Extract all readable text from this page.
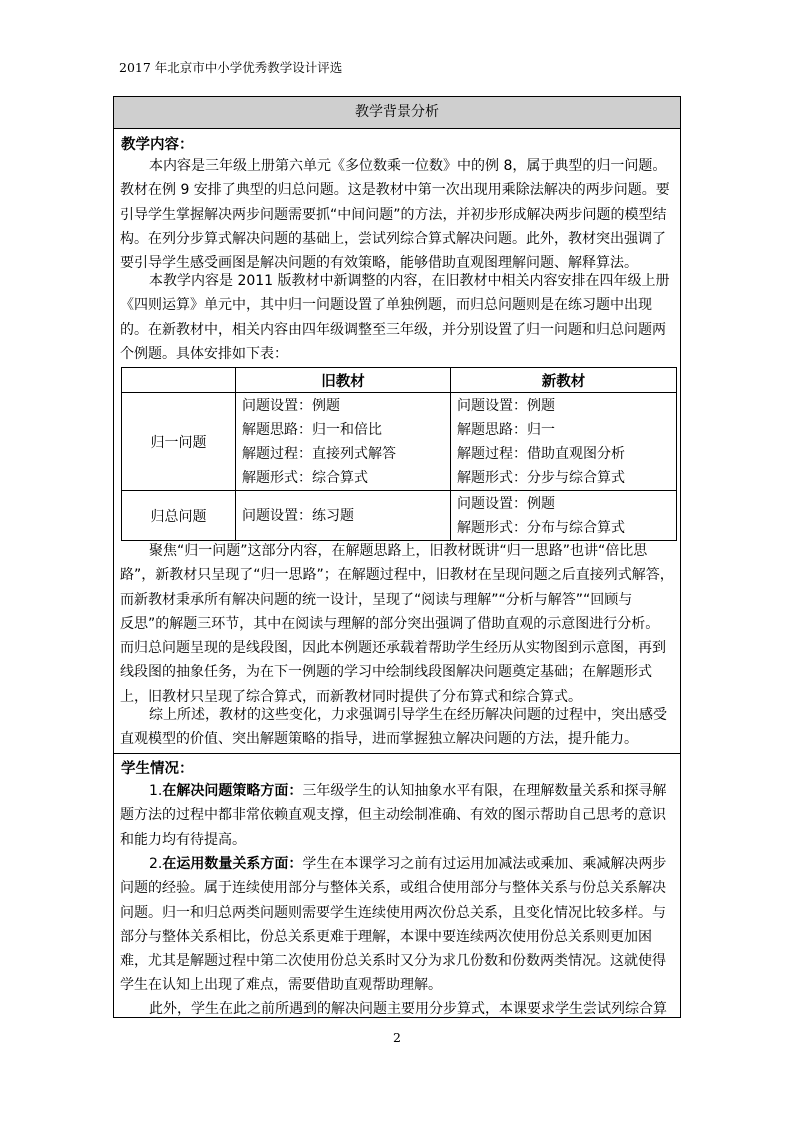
2017 年北京市中小学优秀教学设计评选
教学背景分析
教学内容：
本内容是三年级上册第六单元《多位数乘一位数》中的例 8，属于典型的归一问题。
教材在例 9 安排了典型的归总问题。这是教材中第一次出现用乘除法解决的两步问题。要
引导学生掌握解决两步问题需要抓“中间问题”的方法，并初步形成解决两步问题的模型结
构。在列分步算式解决问题的基础上，尝试列综合算式解决问题。此外，教材突出强调了
要引导学生感受画图是解决问题的有效策略，能够借助直观图理解问题、解释算法。
本教学内容是 2011 版教材中新调整的内容，在旧教材中相关内容安排在四年级上册
《四则运算》单元中，其中归一问题设置了单独例题，而归总问题则是在练习题中出现
的。在新教材中，相关内容由四年级调整至三年级，并分别设置了归一问题和归总问题两
个例题。具体安排如下表：
	旧教材	新教材
归一问题	问题设置：例题
解题思路：归一和倍比
解题过程：直接列式解答
解题形式：综合算式	问题设置：例题
解题思路：归一
解题过程：借助直观图分析
解题形式：分步与综合算式

归总问题	问题设置：练习题	问题设置：例题
解题形式：分布与综合算式
聚焦“归一问题”这部分内容，在解题思路上，旧教材既讲“归一思路”也讲“倍比思
路”，新教材只呈现了“归一思路”；在解题过程中，旧教材在呈现问题之后直接列式解答，
而新教材秉承所有解决问题的统一设计，呈现了“阅读与理解”“分析与解答”“回顾与
反思”的解题三环节，其中在阅读与理解的部分突出强调了借助直观的示意图进行分析。
而归总问题呈现的是线段图，因此本例题还承载着帮助学生经历从实物图到示意图，再到
线段图的抽象任务，为在下一例题的学习中绘制线段图解决问题奠定基础；在解题形式
上，旧教材只呈现了综合算式，而新教材同时提供了分布算式和综合算式。
综上所述，教材的这些变化，力求强调引导学生在经历解决问题的过程中，突出感受
直观模型的价值、突出解题策略的指导，进而掌握独立解决问题的方法，提升能力。
学生情况：
1.在解决问题策略方面：三年级学生的认知抽象水平有限，在理解数量关系和探寻解
题方法的过程中都非常依赖直观支撑，但主动绘制准确、有效的图示帮助自己思考的意识
和能力均有待提高。
2.在运用数量关系方面：学生在本课学习之前有过运用加减法或乘加、乘减解决两步
问题的经验。属于连续使用部分与整体关系，或组合使用部分与整体关系与份总关系解决
问题。归一和归总两类问题则需要学生连续使用两次份总关系，且变化情况比较多样。与
部分与整体关系相比，份总关系更难于理解，本课中要连续两次使用份总关系则更加困
难，尤其是解题过程中第二次使用份总关系时又分为求几份数和份数两类情况。这就使得
学生在认知上出现了难点，需要借助直观帮助理解。
此外，学生在此之前所遇到的解决问题主要用分步算式，本课要求学生尝试列综合算
2
